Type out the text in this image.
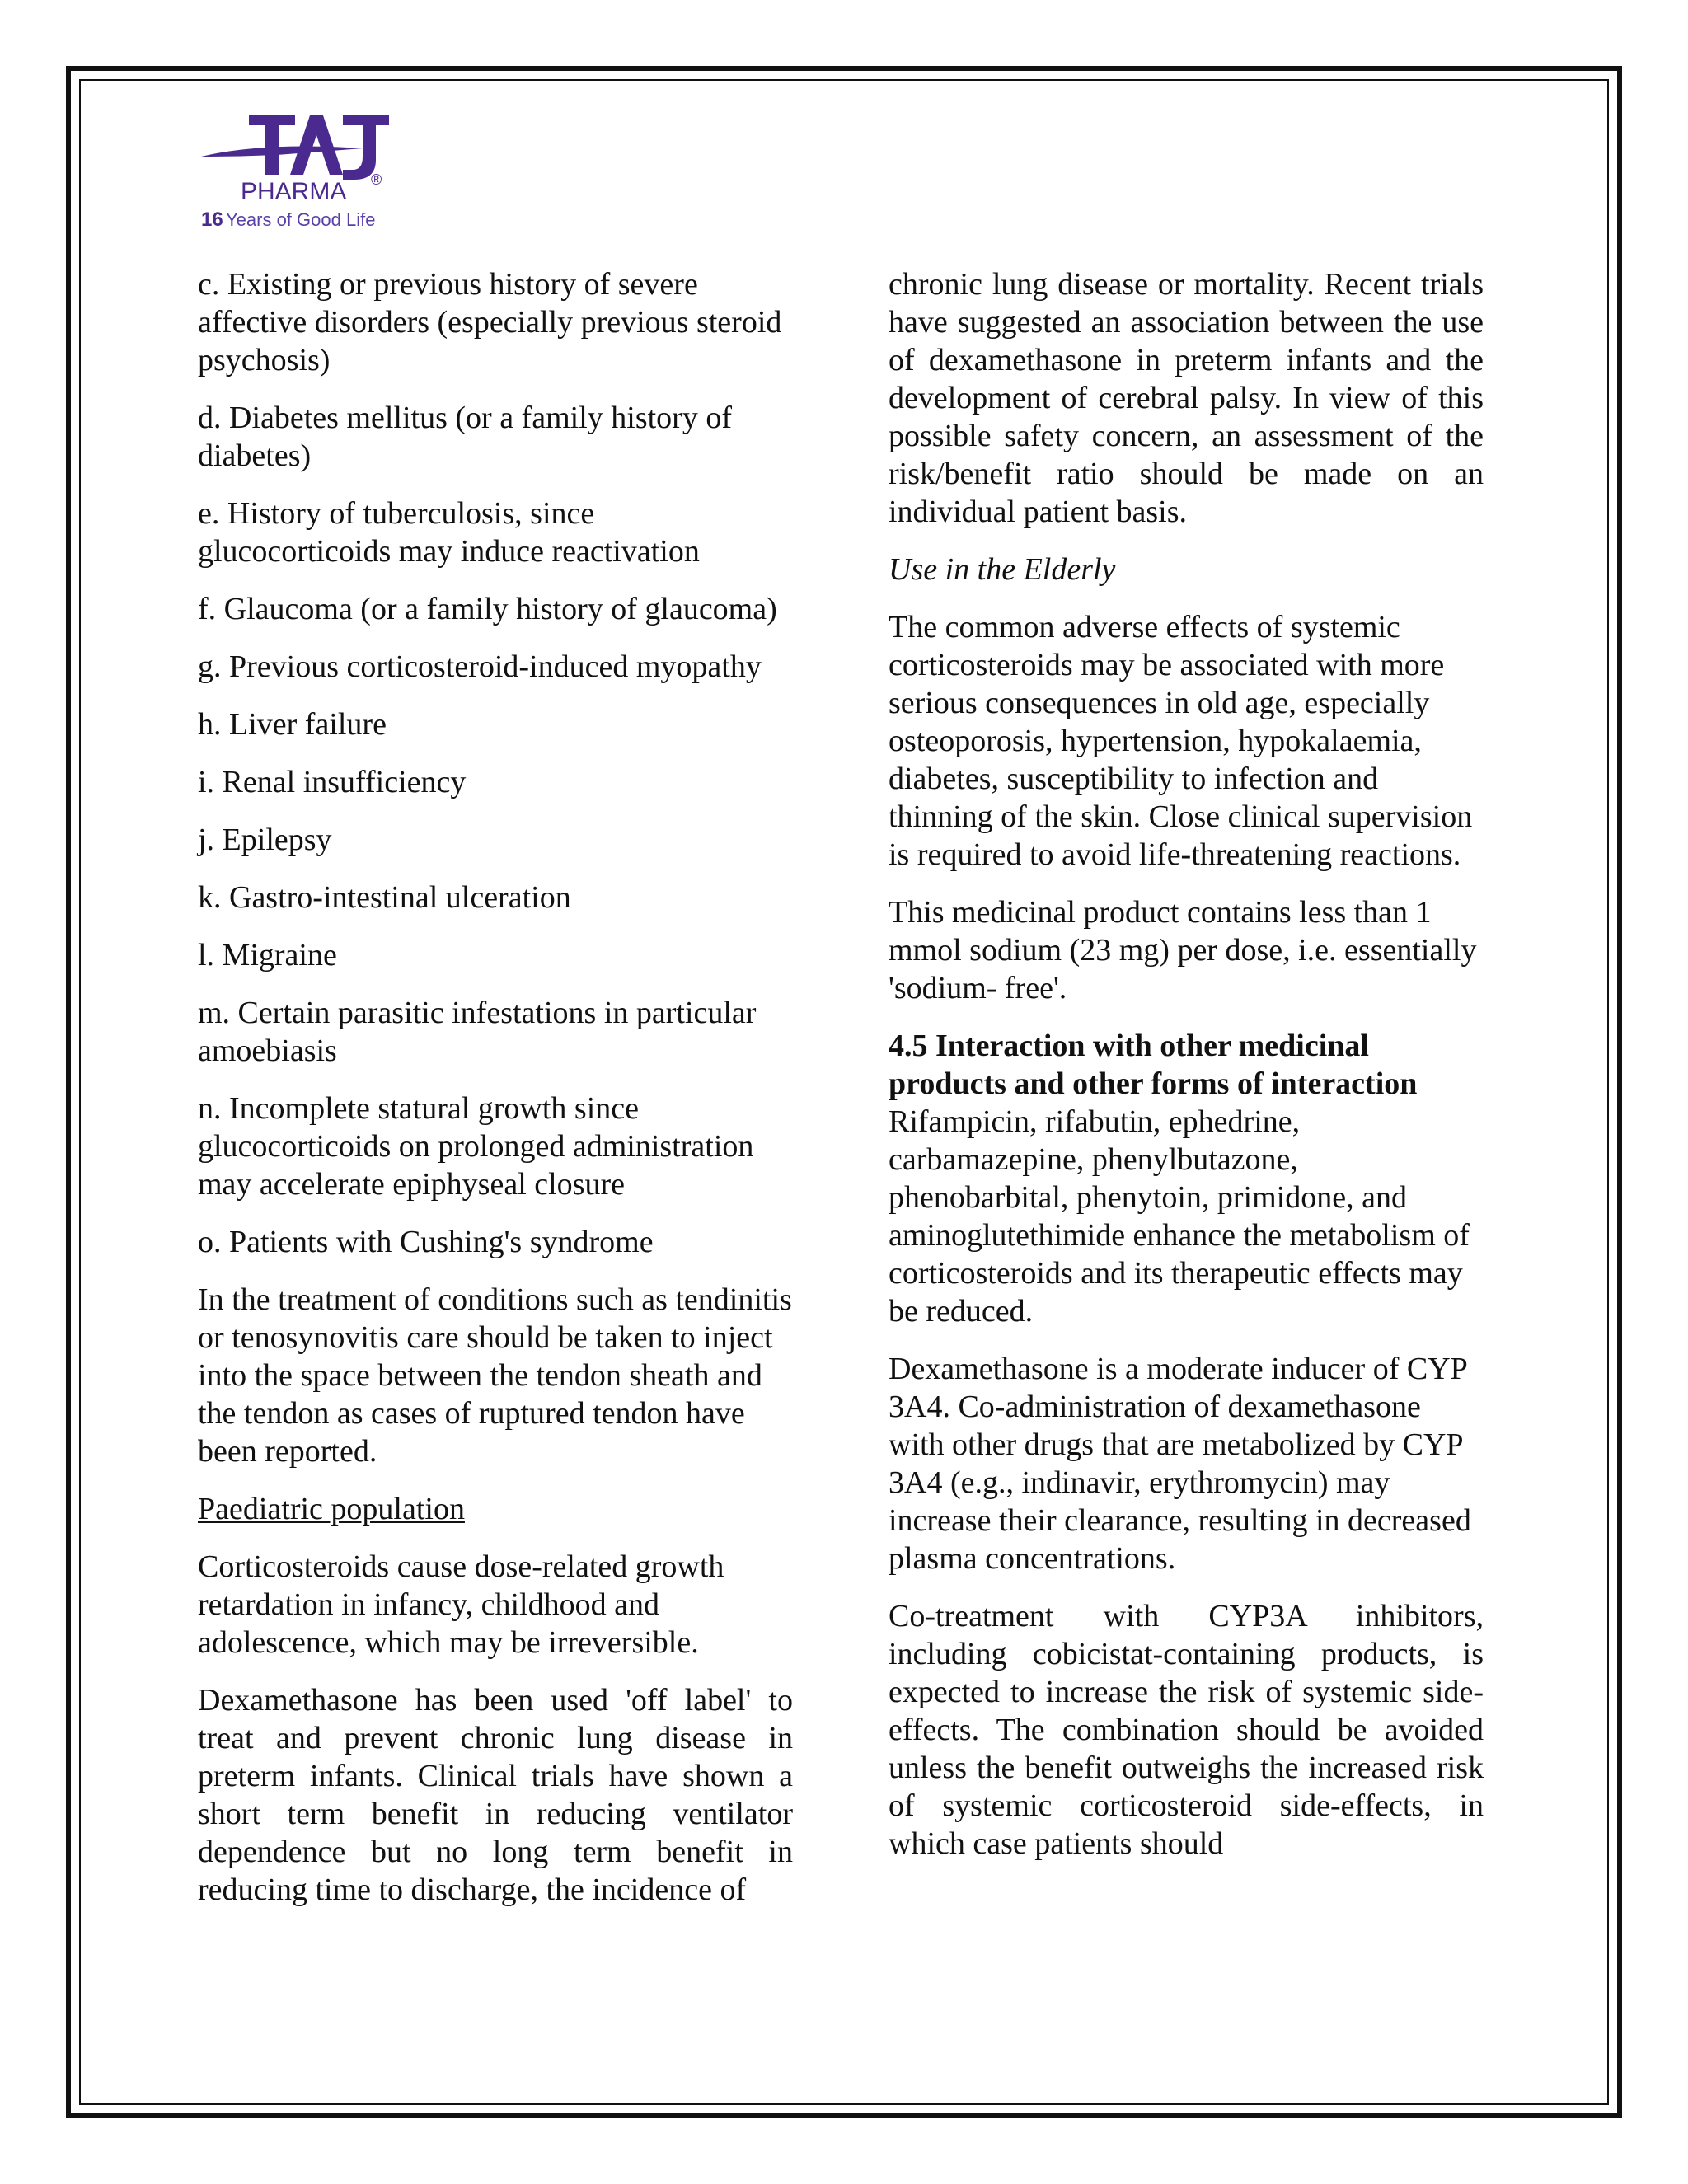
PHARMA ®
16 Years of Good Life

c. Existing or previous history of severe affective disorders (especially previous steroid psychosis)

d. Diabetes mellitus (or a family history of diabetes)

e. History of tuberculosis, since glucocorticoids may induce reactivation

f. Glaucoma (or a family history of glaucoma)

g. Previous corticosteroid-induced myopathy

h. Liver failure

i. Renal insufficiency

j. Epilepsy

k. Gastro-intestinal ulceration

l. Migraine

m. Certain parasitic infestations in particular amoebiasis

n. Incomplete statural growth since glucocorticoids on prolonged administration may accelerate epiphyseal closure

o. Patients with Cushing's syndrome

In the treatment of conditions such as tendinitis or tenosynovitis care should be taken to inject into the space between the tendon sheath and the tendon as cases of ruptured tendon have been reported.

Paediatric population

Corticosteroids cause dose-related growth retardation in infancy, childhood and adolescence, which may be irreversible.

Dexamethasone has been used 'off label' to treat and prevent chronic lung disease in preterm infants. Clinical trials have shown a short term benefit in reducing ventilator dependence but no long term benefit in reducing time to discharge, the incidence of

chronic lung disease or mortality. Recent trials have suggested an association between the use of dexamethasone in preterm infants and the development of cerebral palsy. In view of this possible safety concern, an assessment of the risk/benefit ratio should be made on an individual patient basis.

Use in the Elderly

The common adverse effects of systemic corticosteroids may be associated with more serious consequences in old age, especially osteoporosis, hypertension, hypokalaemia, diabetes, susceptibility to infection and thinning of the skin. Close clinical supervision is required to avoid life-threatening reactions.

This medicinal product contains less than 1 mmol sodium (23 mg) per dose, i.e. essentially 'sodium- free'.

4.5 Interaction with other medicinal products and other forms of interaction
Rifampicin, rifabutin, ephedrine, carbamazepine, phenylbutazone, phenobarbital, phenytoin, primidone, and aminoglutethimide enhance the metabolism of corticosteroids and its therapeutic effects may be reduced.

Dexamethasone is a moderate inducer of CYP 3A4. Co-administration of dexamethasone with other drugs that are metabolized by CYP 3A4 (e.g., indinavir, erythromycin) may increase their clearance, resulting in decreased plasma concentrations.

Co-treatment with CYP3A inhibitors, including cobicistat-containing products, is expected to increase the risk of systemic side-effects. The combination should be avoided unless the benefit outweighs the increased risk of systemic corticosteroid side-effects, in which case patients should
